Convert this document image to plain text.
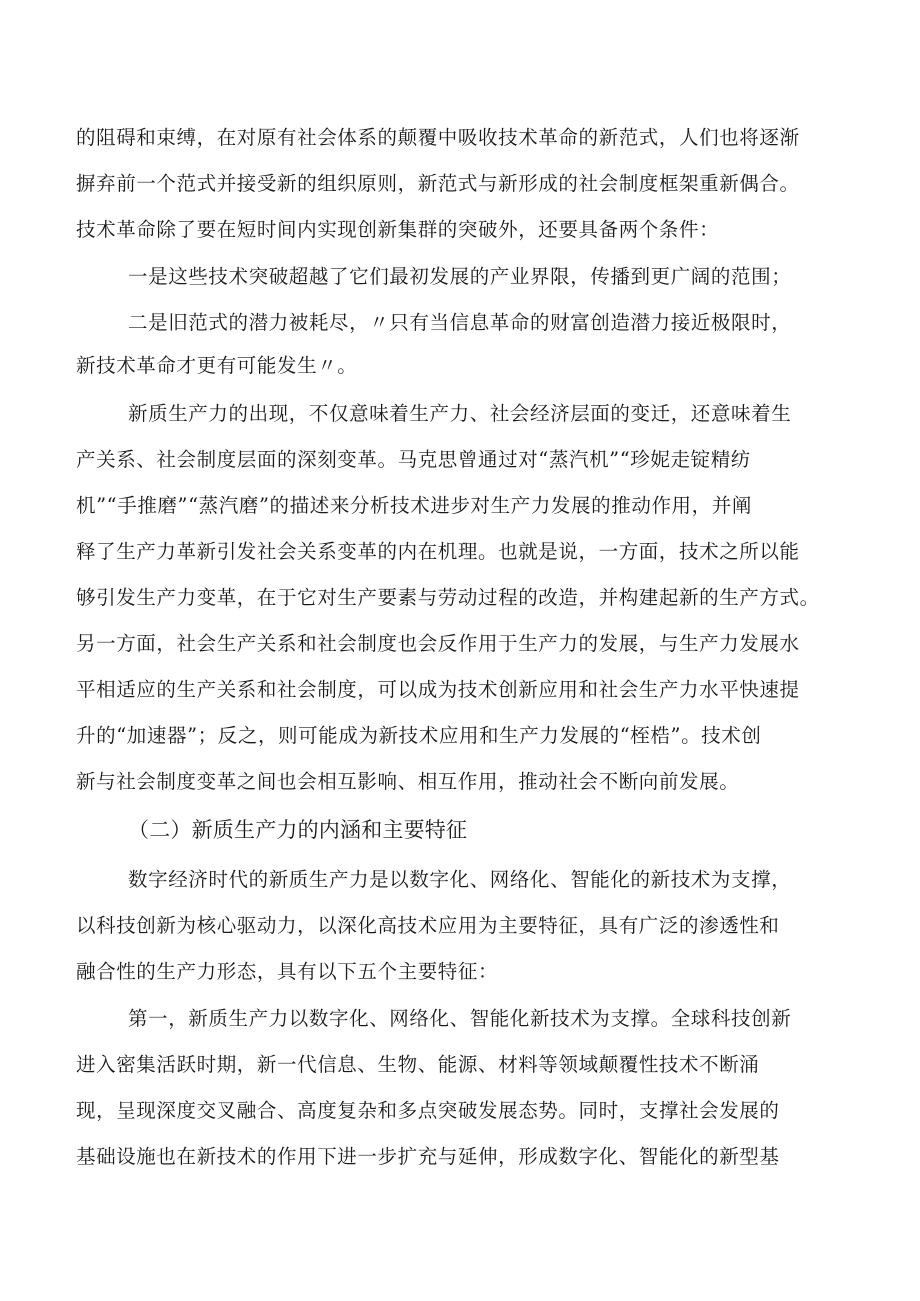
的阻碍和束缚，在对原有社会体系的颠覆中吸收技术革命的新范式，人们也将逐渐
摒弃前一个范式并接受新的组织原则，新范式与新形成的社会制度框架重新偶合。
技术革命除了要在短时间内实现创新集群的突破外，还要具备两个条件：
一是这些技术突破超越了它们最初发展的产业界限，传播到更广阔的范围；
二是旧范式的潜力被耗尽，〃只有当信息革命的财富创造潜力接近极限时，
新技术革命才更有可能发生〃。
新质生产力的出现，不仅意味着生产力、社会经济层面的变迁，还意味着生
产关系、社会制度层面的深刻变革。马克思曾通过对“蒸汽机”“珍妮走锭精纺
机”“手推磨”“蒸汽磨”的描述来分析技术进步对生产力发展的推动作用，并阐
释了生产力革新引发社会关系变革的内在机理。也就是说，一方面，技术之所以能
够引发生产力变革，在于它对生产要素与劳动过程的改造，并构建起新的生产方式。
另一方面，社会生产关系和社会制度也会反作用于生产力的发展，与生产力发展水
平相适应的生产关系和社会制度，可以成为技术创新应用和社会生产力水平快速提
升的“加速器”；反之，则可能成为新技术应用和生产力发展的“桎梏”。技术创
新与社会制度变革之间也会相互影响、相互作用，推动社会不断向前发展。
（二）新质生产力的内涵和主要特征
数字经济时代的新质生产力是以数字化、网络化、智能化的新技术为支撑，
以科技创新为核心驱动力，以深化高技术应用为主要特征，具有广泛的渗透性和
融合性的生产力形态，具有以下五个主要特征：
第一，新质生产力以数字化、网络化、智能化新技术为支撑。全球科技创新
进入密集活跃时期，新一代信息、生物、能源、材料等领域颠覆性技术不断涌
现，呈现深度交叉融合、高度复杂和多点突破发展态势。同时，支撑社会发展的
基础设施也在新技术的作用下进一步扩充与延伸，形成数字化、智能化的新型基
